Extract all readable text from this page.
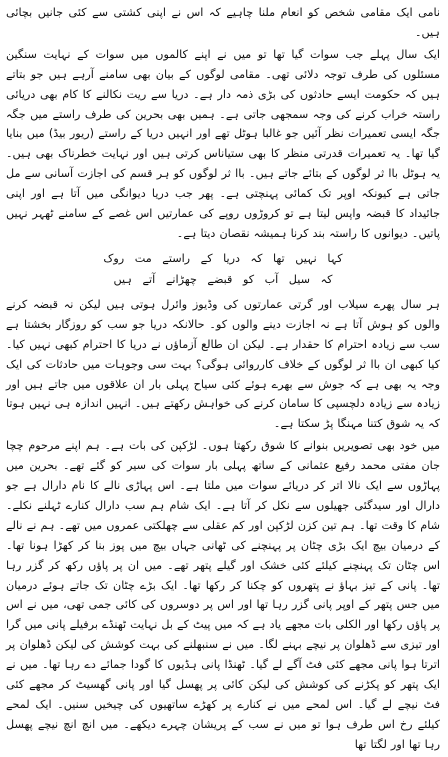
نامی ایک مقامی شخص کو انعام ملنا چاہیے کہ اس نے اپنی کشتی سے کئی جانیں بچائی ہیں۔

ایک سال پہلے جب سوات گیا تھا تو میں نے اپنے کالموں میں سوات کے نہایت سنگین مسئلوں کی طرف توجہ دلائی تھی۔ مقامی لوگوں کے بیان بھی سامنے آرہے ہیں جو بتاتے ہیں کہ حکومت ایسے حادثوں کی بڑی ذمہ دار ہے۔ دریا سے ریت نکالنے کا کام بھی دریائی راستہ خراب کرنے کی وجہ سمجھی جاتی ہے۔ ہمیں بھی بحرین کی طرف راستے میں جگہ جگہ ایسی تعمیرات نظر آئیں جو غالبا ہوٹل تھے اور انہیں دریا کے راستے (ریور بیڈ) میں بنایا گیا تھا۔ یہ تعمیرات قدرتی منظر کا بھی ستیاناس کرتی ہیں اور نہایت خطرناک بھی ہیں۔ یہ ہوٹل باا ثر لوگوں کے بتائے جاتے ہیں۔ باا ثر لوگوں کو ہر قسم کی اجازت آسانی سے مل جاتی ہے کیونکہ اوپر تک کمائی پہنچتی ہے۔ پھر جب دریا دیوانگی میں آتا ہے اور اپنی جائیداد کا قبضہ واپس لیتا ہے تو کروڑوں روپے کی عمارتیں اس غصے کے سامنے ٹھہر نہیں پاتیں۔ دیوانوں کا راستہ بند کرنا ہمیشہ نقصان دیتا ہے۔

کہا نہیں تھا کہ دریا کے راستے مت روک
کہ سیل آب کو قبضے چھڑانے آتے ہیں

ہر سال پھرے سیلاب اور گرتی عمارتوں کی وڈیوز وائرل ہوتی ہیں لیکن نہ قبضہ کرنے والوں کو ہوش آتا ہے نہ اجازت دینے والوں کو۔ حالانکہ دریا جو سب کو روزگار بخشتا ہے سب سے زیادہ احترام کا حقدار ہے۔ لیکن ان طالع آزماؤں نے دریا کا احترام کبھی نہیں کیا۔ کیا کبھی ان باا ثر لوگوں کے خلاف کارروائی ہوگی؟ بہت سی وجوہات میں حادثات کی ایک وجہ یہ بھی ہے کہ جوش سے بھرے ہوئے کئی سیاح پہلی بار ان علاقوں میں جاتے ہیں اور زیادہ سے زیادہ دلچسپی کا سامان کرنے کی خواہش رکھتے ہیں۔ انہیں اندازہ ہی نہیں ہوتا کہ یہ شوق کتنا مہنگا پڑ سکتا ہے۔

میں خود بھی تصویریں بنوانے کا شوق رکھتا ہوں۔ لڑکپن کی بات ہے۔ ہم اپنے مرحوم چچا جان مفتی محمد رفیع عثمانی کے ساتھ پہلی بار سوات کی سیر کو گئے تھے۔ بحرین میں پہاڑوں سے ایک نالا اتر کر دریائے سوات میں ملتا ہے۔ اس پہاڑی نالے کا نام دارال ہے جو دارال اور سیدگئی جھیلوں سے نکل کر آتا ہے۔ ایک شام ہم سب دارال کنارے ٹہلنے نکلے۔ شام کا وقت تھا۔ ہم تین کزن لڑکپن اور کم عقلی سے چھلکتی عمروں میں تھے۔ ہم نے نالے کے درمیان بیچ ایک بڑی چٹان پر پہنچنے کی ٹھانی جہاں بیچ میں پوز بنا کر کھڑا ہونا تھا۔ اس چٹان تک پہنچنے کیلئے کئی خشک اور گیلے پتھر تھے۔ میں ان پر پاؤں رکھ کر گزر رہا تھا۔ پانی کے تیز بہاؤ نے پتھروں کو چکنا کر رکھا تھا۔ ایک بڑے چٹان تک جاتے ہوئے درمیان میں جس پتھر کے اوپر پانی گزر رہا تھا اور اس پر دوسروں کی کائی جمی تھی، میں نے اس پر پاؤں رکھا اور الکلی بات مجھے یاد ہے کہ میں پیٹ کے بل نہایت ٹھنڈے برفیلے پانی میں گرا اور تیزی سے ڈھلوان پر نیچے بہنے لگا۔ میں نے سنبھلنے کی بہت کوشش کی لیکن ڈھلوان پر اترتا ہوا پانی مجھے کئی فٹ آگے لے گیا۔ ٹھنڈا پانی ہڈیوں کا گودا جمائے دے رہا تھا۔ میں نے ایک پتھر کو پکڑنے کی کوشش کی لیکن کائی پر پھسل گیا اور پانی گھسیٹ کر مجھے کئی فٹ نیچے لے گیا۔ اس لمحے میں نے کنارے پر کھڑے ساتھیوں کی چیخیں سنیں۔ ایک لمحے کیلئے رخ اس طرف ہوا تو میں نے سب کے پریشان چہرے دیکھے۔ میں انچ انچ نیچے پھسل رہا تھا اور لگتا تھا
